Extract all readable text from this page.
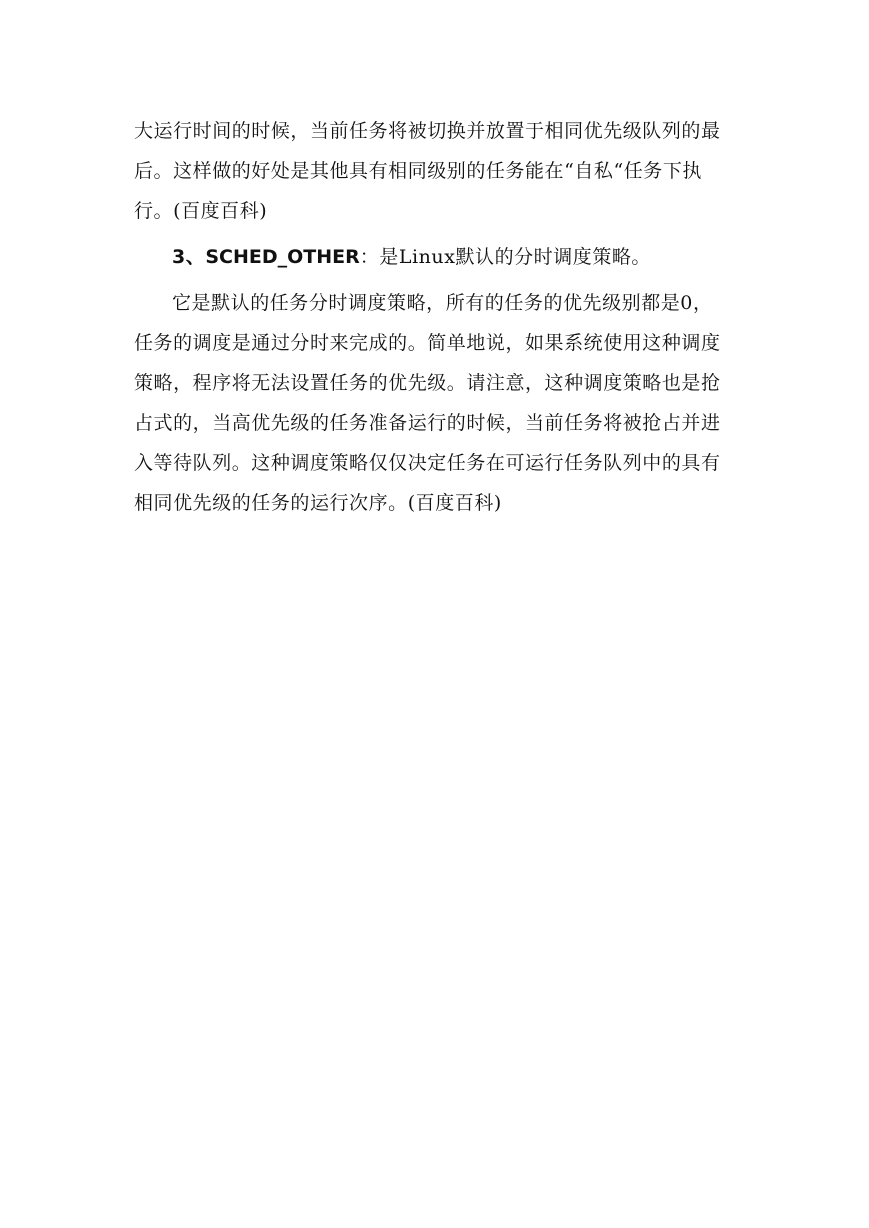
大运行时间的时候，当前任务将被切换并放置于相同优先级队列的最
后。这样做的好处是其他具有相同级别的任务能在“自私“任务下执
行。(百度百科)
3、SCHED_OTHER：是Linux默认的分时调度策略。
它是默认的任务分时调度策略，所有的任务的优先级别都是0，
任务的调度是通过分时来完成的。简单地说，如果系统使用这种调度
策略，程序将无法设置任务的优先级。请注意，这种调度策略也是抢
占式的，当高优先级的任务准备运行的时候，当前任务将被抢占并进
入等待队列。这种调度策略仅仅决定任务在可运行任务队列中的具有
相同优先级的任务的运行次序。(百度百科)
